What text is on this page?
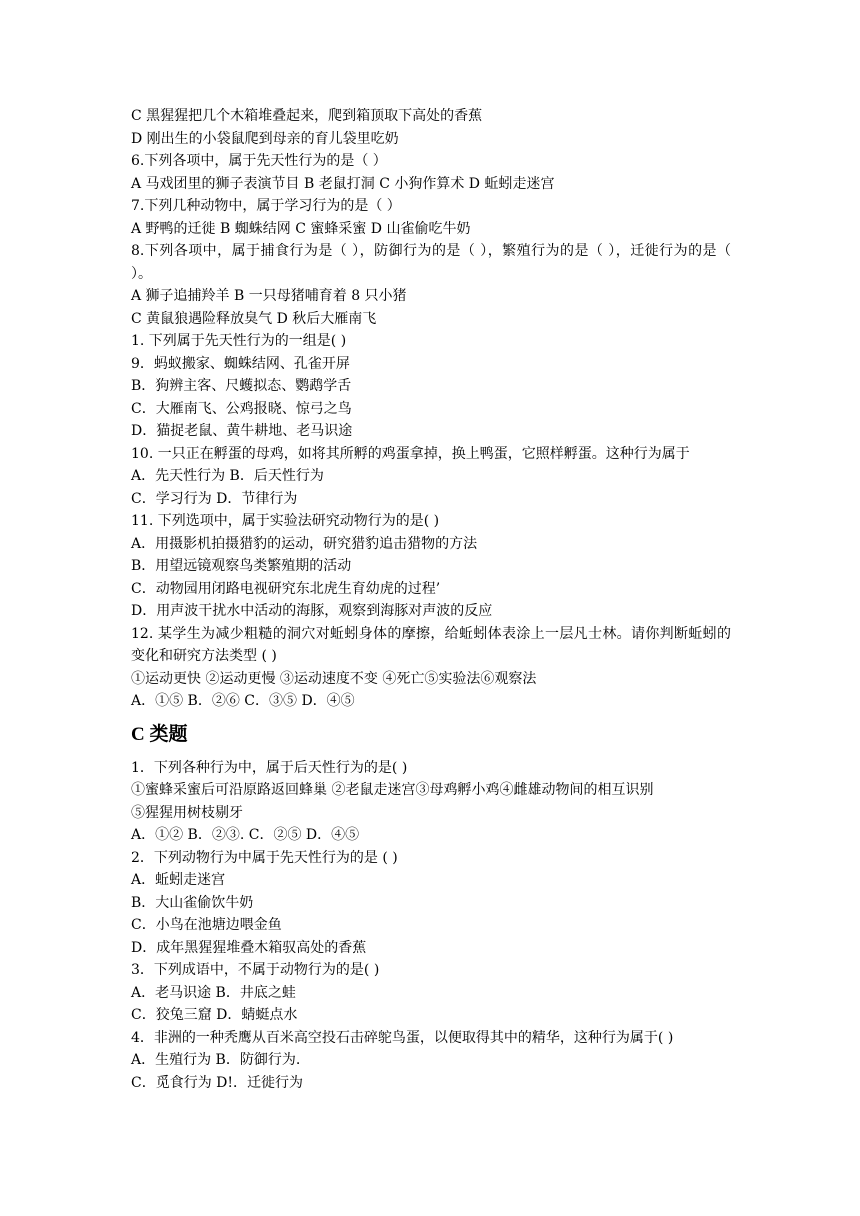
C 黑猩猩把几个木箱堆叠起来，爬到箱顶取下高处的香蕉
D 刚出生的小袋鼠爬到母亲的育儿袋里吃奶
6.下列各项中，属于先天性行为的是（ ）
A 马戏团里的狮子表演节目 B 老鼠打洞 C 小狗作算术 D 蚯蚓走迷宫
7.下列几种动物中，属于学习行为的是（ ）
A 野鸭的迁徙 B 蜘蛛结网 C 蜜蜂采蜜 D 山雀偷吃牛奶
8.下列各项中，属于捕食行为是（ ），防御行为的是（ ），繁殖行为的是（ ），迁徙行为的是（ ）。
A 狮子追捕羚羊 B 一只母猪哺育着 8 只小猪
C 黄鼠狼遇险释放臭气 D 秋后大雁南飞
1. 下列属于先天性行为的一组是( )
9．蚂蚁搬家、蜘蛛结网、孔雀开屏
B．狗辨主客、尺蠖拟态、鹦鹉学舌
C．大雁南飞、公鸡报晓、惊弓之鸟
D．猫捉老鼠、黄牛耕地、老马识途
10. 一只正在孵蛋的母鸡，如将其所孵的鸡蛋拿掉，换上鸭蛋，它照样孵蛋。这种行为属于
A．先天性行为 B．后天性行为
C．学习行为 D．节律行为
11. 下列选项中，属于实验法研究动物行为的是( )
A．用摄影机拍摄猎豹的运动，研究猎豹追击猎物的方法
B．用望远镜观察鸟类繁殖期的活动
C．动物园用闭路电视研究东北虎生育幼虎的过程’
D．用声波干扰水中活动的海豚，观察到海豚对声波的反应
12. 某学生为减少粗糙的洞穴对蚯蚓身体的摩擦，给蚯蚓体表涂上一层凡士林。请你判断蚯蚓的变化和研究方法类型 ( )
①运动更快 ②运动更慢 ③运动速度不变 ④死亡⑤实验法⑥观察法
A．①⑤ B．②⑥ C．③⑤ D．④⑤
C 类题
1．下列各种行为中，属于后天性行为的是( )
①蜜蜂采蜜后可沿原路返回蜂巢 ②老鼠走迷宫③母鸡孵小鸡④雌雄动物间的相互识别
⑤猩猩用树枝剔牙
A．①② B．②③. C．②⑤ D．④⑤
2．下列动物行为中属于先天性行为的是 ( )
A．蚯蚓走迷宫
B．大山雀偷饮牛奶
C．小鸟在池塘边喂金鱼
D．成年黑猩猩堆叠木箱驭高处的香蕉
3．下列成语中，不属于动物行为的是( )
A．老马识途 B．井底之蛙
C．狡兔三窟 D．蜻蜓点水
4．非洲的一种秃鹰从百米高空投石击碎鸵鸟蛋，以便取得其中的精华，这种行为属于( )
A．生殖行为 B．防御行为.
C．觅食行为 D!．迁徙行为
